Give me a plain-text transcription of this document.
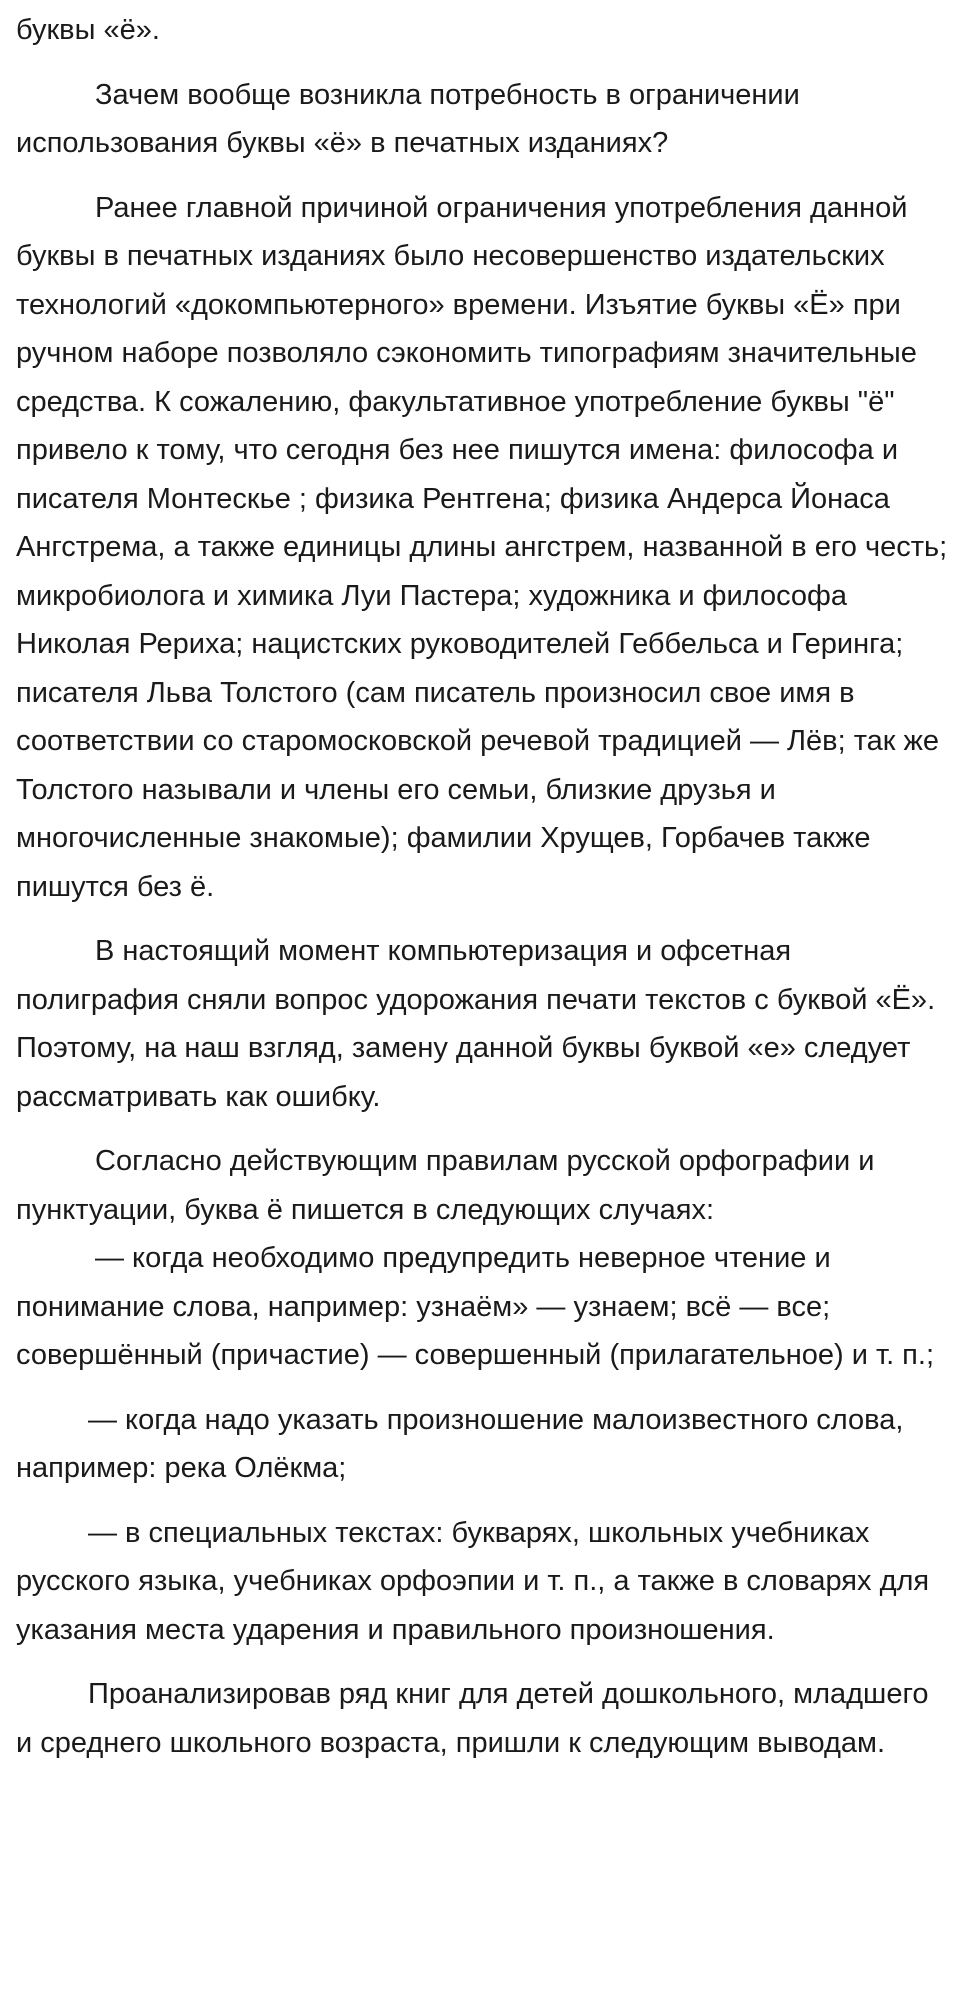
буквы «ё».

Зачем вообще возникла потребность в ограничении использования буквы «ё» в печатных изданиях?

Ранее главной причиной ограничения употребления данной буквы в печатных изданиях было несовершенство издательских технологий «докомпьютерного» времени. Изъятие буквы «Ё» при ручном наборе позволяло сэкономить типографиям значительные средства. К сожалению, факультативное употребление буквы "ё" привело к тому, что сегодня без нее пишутся имена: философа и писателя Монтескье ; физика Рентгена; физика Андерса Йонаса Ангстрема, а также единицы длины ангстрем, названной в его честь; микробиолога и химика Луи Пастера; художника и философа Николая Рериха; нацистских руководителей Геббельса и Геринга; писателя Льва Толстого (сам писатель произносил свое имя в соответствии со старомосковской речевой традицией — Лёв; так же Толстого называли и члены его семьи, близкие друзья и многочисленные знакомые); фамилии Хрущев, Горбачев также пишутся без ё.

В настоящий момент компьютеризация и офсетная полиграфия сняли вопрос удорожания печати текстов с буквой «Ё». Поэтому, на наш взгляд, замену данной буквы буквой «е» следует рассматривать как ошибку.

Согласно действующим правилам русской орфографии и пунктуации, буква ё пишется в следующих случаях:

— когда необходимо предупредить неверное чтение и понимание слова, например: узнаём» — узнаем; всё — все; совершённый (причастие) — совершенный (прилагательное) и т. п.;

— когда надо указать произношение малоизвестного слова, например: река Олёкма;

— в специальных текстах: букварях, школьных учебниках русского языка, учебниках орфоэпии и т. п., а также в словарях для указания места ударения и правильного произношения.

Проанализировав ряд книг для детей дошкольного, младшего и среднего школьного возраста, пришли к следующим выводам.
